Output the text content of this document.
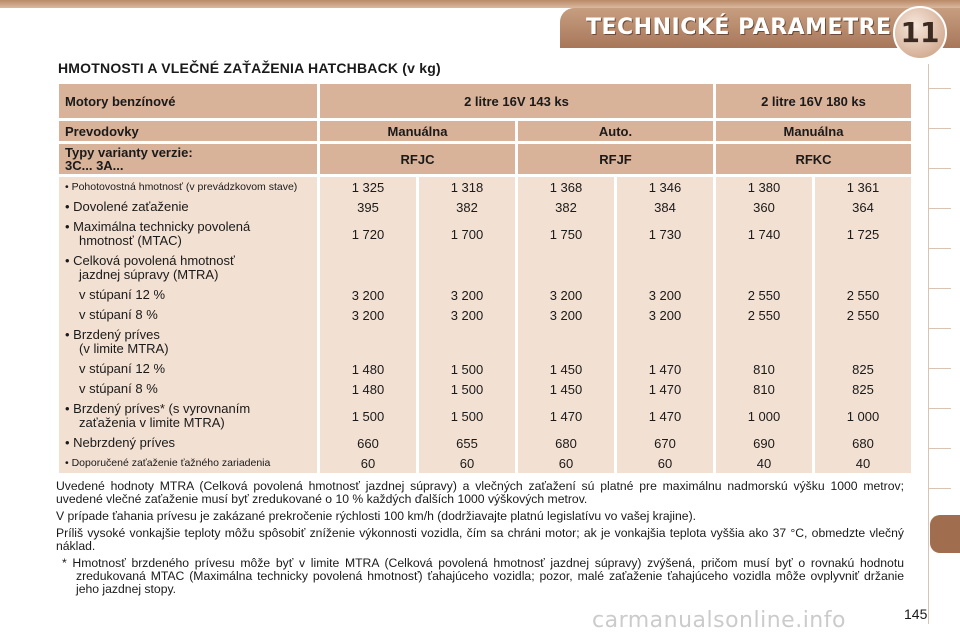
TECHNICKÉ PARAMETRE 11
HMOTNOSTI A VLEČNÉ ZAŤAŽENIA HATCHBACK (v kg)
Motory benzínové	2 litre 16V 143 ks				2 litre 16V 180 ks	

Prevodovky	Manuálna		Auto.		Manuálna	

Typy varianty verzie:
3C... 3A...	RFJC		RFJF		RFKC	

• Pohotovostná hmotnosť (v prevádzkovom stave)	1 325	1 318	1 368	1 346	1 380	1 361
• Dovolené zaťaženie	395	382	382	384	360	364
• Maximálna technicky povolená
hmotnosť (MTAC)	1 720	1 700	1 750	1 730	1 740	1 725
• Celková povolená hmotnosť
jazdnej súpravy (MTRA)						
v stúpaní 12 %	3 200	3 200	3 200	3 200	2 550	2 550
v stúpaní 8 %	3 200	3 200	3 200	3 200	2 550	2 550
• Brzdený príves
(v limite MTRA)						
v stúpaní 12 %	1 480	1 500	1 450	1 470	810	825
v stúpaní 8 %	1 480	1 500	1 450	1 470	810	825
• Brzdený príves* (s vyrovnaním
zaťaženia v limite MTRA)	1 500	1 500	1 470	1 470	1 000	1 000
• Nebrzdený príves	660	655	680	670	690	680
• Doporučené zaťaženie ťažného zariadenia	60	60	60	60	40	40

Uvedené hodnoty MTRA (Celková povolená hmotnosť jazdnej súpravy) a vlečných zaťažení sú platné pre maximálnu nadmorskú výšku 1000 metrov; uvedené vlečné zaťaženie musí byť zredukované o 10 % každých ďalších 1000 výškových metrov.

V prípade ťahania prívesu je zakázané prekročenie rýchlosti 100 km/h (dodržiavajte platnú legislatívu vo vašej krajine).

Príliš vysoké vonkajšie teploty môžu spôsobiť zníženie výkonnosti vozidla, čím sa chráni motor; ak je vonkajšia teplota vyššia ako 37 °C, obmedzte vlečný náklad.

* Hmotnosť brzdeného prívesu môže byť v limite MTRA (Celková povolená hmotnosť jazdnej súpravy) zvýšená, pričom musí byť o rovnakú hodnotu zredukovaná MTAC (Maximálna technicky povolená hmotnosť) ťahajúceho vozidla; pozor, malé zaťaženie ťahajúceho vozidla môže ovplyvniť držanie jeho jazdnej stopy.

carmanualsonline.info	145
